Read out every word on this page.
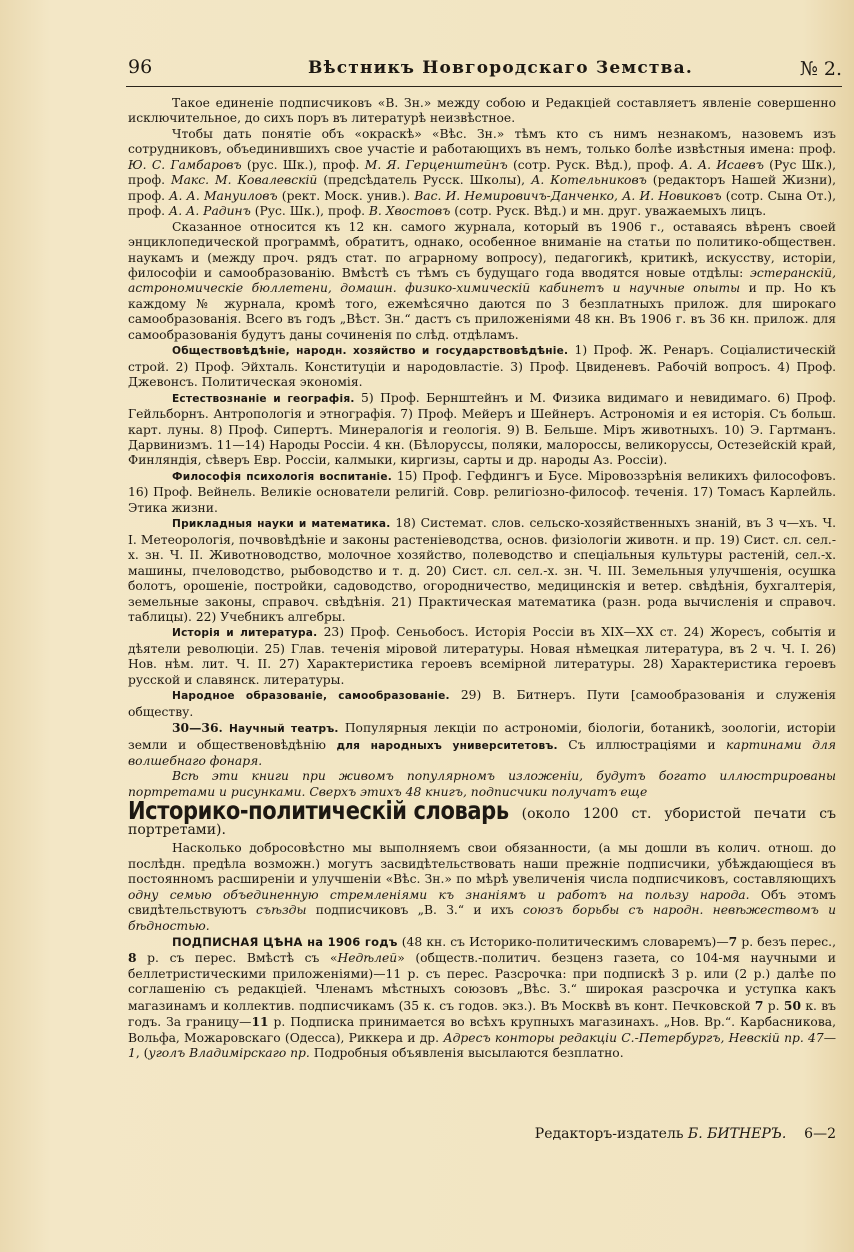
96	Вѣстникъ Новгородскаго Земства.	№ 2.

Такое единеніе подписчиковъ «В. Зн.» между собою и Редакціей составляетъ явленіе совершенно исключительное, до сихъ поръ въ литературѣ неизвѣстное.

Чтобы дать понятіе объ «окраскѣ» «Вѣс. Зн.» тѣмъ кто съ нимъ незнакомъ, назовемъ изъ сотрудниковъ, объединившихъ свое участіе и работающихъ въ немъ, только болѣе извѣстныя имена: проф. Ю. С. Гамбаровъ (рус. Шк.), проф. М. Я. Герценштейнъ (сотр. Руск. Вѣд.), проф. А. А. Исаевъ (Рус Шк.), проф. Макс. М. Ковалевскій (предсѣдатель Русск. Школы), А. Котельниковъ (редакторъ Нашей Жизни), проф. А. А. Мануиловъ (рект. Моск. унив.). Вас. И. Немировичъ-Данченко, А. И. Новиковъ (сотр. Сына От.), проф. А. А. Радинъ (Рус. Шк.), проф. В. Хвостовъ (сотр. Руск. Вѣд.) и мн. друг. уважаемыхъ лицъ.

Сказанное относится къ 12 кн. самого журнала, который въ 1906 г., оставаясь вѣренъ своей энциклопедической программѣ, обратитъ, однако, особенное вниманіе на статьи по политико-обществен. наукамъ и (между проч. рядъ стат. по аграрному вопросу), педагогикѣ, критикѣ, искусству, исторіи, философіи и самообразованію. Вмѣстѣ съ тѣмъ съ будущаго года вводятся новые отдѣлы: эстеранскій, астрономическіе бюллетени, домашн. физико-химическій кабинетъ и научные опыты и пр. Но къ каждому № журнала, кромѣ того, ежемѣсячно даются по 3 безплатныхъ прилож. для широкаго самообразованія. Всего въ годъ „Вѣст. Зн.“ дастъ съ приложеніями 48 кн. Въ 1906 г. въ 36 кн. прилож. для самообразованія будутъ даны сочиненія по слѣд. отдѣламъ.

Обществовѣдѣніе, народн. хозяйство и государствовѣдѣніе. 1) Проф. Ж. Ренаръ. Соціалистическій строй. 2) Проф. Эйхталь. Конституціи и народовластіе. 3) Проф. Цвиденевъ. Рабочій вопросъ. 4) Проф. Джевонсъ. Политическая экономія.

Естествознаніе и географія. 5) Проф. Бернштейнъ и М. Физика видимаго и невидимаго. 6) Проф. Гейльборнъ. Антропологія и этнографія. 7) Проф. Мейеръ и Шейнеръ. Астрономія и ея исторія. Съ больш. карт. луны. 8) Проф. Сипертъ. Минералогія и геологія. 9) В. Бельше. Міръ животныхъ. 10) Э. Гартманъ. Дарвинизмъ. 11—14) Народы Россіи. 4 кн. (Бѣлоруссы, поляки, малороссы, великоруссы, Остезейскій край, Финляндія, сѣверъ Евр. Россіи, калмыки, киргизы, сарты и др. народы Аз. Россіи).

Философія психологія воспитаніе. 15) Проф. Гефдингъ и Бусе. Міровоззрѣнія великихъ философовъ. 16) Проф. Вейнель. Великіе основатели религій. Совр. религіозно-философ. теченія. 17) Томасъ Карлейль. Этика жизни.

Прикладныя науки и математика. 18) Системат. слов. сельско-хозяйственныхъ знаній, въ 3 ч—хъ. Ч. I. Метеорологія, почвовѣдѣніе и законы растеніеводства, основ. физіологіи животн. и пр. 19) Сист. сл. сел.-х. зн. Ч. II. Животноводство, молочное хозяйство, полеводство и спеціальныя культуры растеній, сел.-х. машины, пчеловодство, рыбоводство и т. д. 20) Сист. сл. сел.-х. зн. Ч. III. Земельныя улучшенія, осушка болотъ, орошеніе, постройки, садоводство, огородничество, медицинскія и ветер. свѣдѣнія, бухгалтерія, земельные законы, справоч. свѣдѣнія. 21) Практическая математика (разн. рода вычисленія и справоч. таблицы). 22) Учебникъ алгебры.

Исторія и литература. 23) Проф. Сеньобосъ. Исторія Россіи въ XIX—XX ст. 24) Жоресъ, событія и дѣятели революціи. 25) Глав. теченія міровой литературы. Новая нѣмецкая литература, въ 2 ч. Ч. I. 26) Нов. нѣм. лит. Ч. II. 27) Характеристика героевъ всемірной литературы. 28) Характеристика героевъ русской и славянск. литературы.

Народное образованіе, самообразованіе. 29) В. Битнеръ. Пути [самообразованія и служенія обществу.

30—36. Научный театръ. Популярныя лекціи по астрономіи, біологіи, ботаникѣ, зоологіи, исторіи земли и общественовѣдѣнію для народныхъ университетовъ. Съ иллюстраціями и картинами для волшебнаго фонаря.

Всѣ эти книги при живомъ популярномъ изложеніи, будутъ богато иллюстрированы портретами и рисунками. Сверхъ этихъ 48 книгъ, подписчики получатъ еще

Историко-политическій словарь (около 1200 ст. убористой печати съ портретами).

Насколько добросовѣстно мы выполняемъ свои обязанности, (а мы дошли въ колич. отнош. до послѣдн. предѣла возможн.) могутъ засвидѣтельствовать наши прежніе подписчики, убѣждающіеся въ постоянномъ расширеніи и улучшеніи «Вѣс. Зн.» по мѣрѣ увеличенія числа подписчиковъ, составляющихъ одну семью объединенную стремленіями къ знаніямъ и работъ на пользу народа. Объ этомъ свидѣтельствуютъ съѣзды подписчиковъ „В. З.“ и ихъ союзъ борьбы съ народн. невѣжествомъ и бѣдностью.

ПОДПИСНАЯ ЦѢНА на 1906 годъ (48 кн. съ Историко-политическимъ словаремъ)—7 р. безъ перес., 8 р. съ перес. Вмѣстѣ съ «Недѣлей» (обществ.-политич. безценз газета, со 104-мя научными и беллетристическими приложеніями)—11 р. съ перес. Разсрочка: при подпискѣ 3 р. или (2 р.) далѣе по соглашенію съ редакціей. Членамъ мѣстныхъ союзовъ „Вѣс. З.“ широкая разсрочка и уступка какъ магазинамъ и коллектив. подписчикамъ (35 к. съ годов. экз.). Въ Москвѣ въ конт. Печковской 7 р. 50 к. въ годъ. За границу—11 р. Подписка принимается во всѣхъ крупныхъ магазинахъ. „Нов. Вр.“. Карбасникова, Вольфа, Можаровскаго (Одесса), Риккера и др. Адресъ конторы редакціи С.-Петербургъ, Невскій пр. 47—1, (уголъ Владимірскаго пр. Подробныя объявленія высылаются безплатно.

Редакторъ-издатель Б. БИТНЕРЪ. 6—2
